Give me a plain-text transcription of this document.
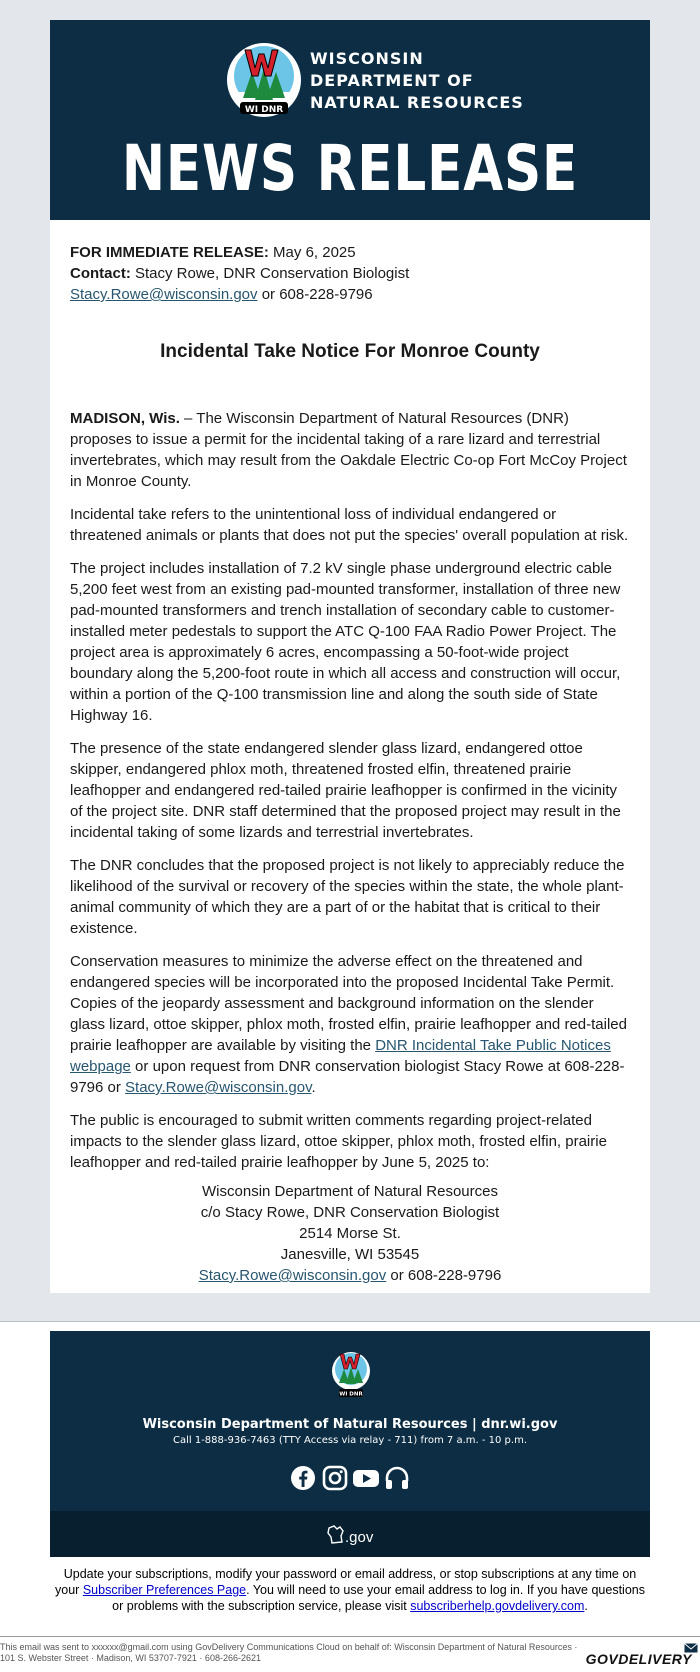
WI DNR
WISCONSIN
DEPARTMENT OF
NATURAL RESOURCES
NEWS RELEASE

FOR IMMEDIATE RELEASE: May 6, 2025

Contact: Stacy Rowe, DNR Conservation Biologist

Stacy.Rowe@wisconsin.gov or 608-228-9796

Incidental Take Notice For Monroe County

MADISON, Wis. – The Wisconsin Department of Natural Resources (DNR) proposes to issue a permit for the incidental taking of a rare lizard and terrestrial invertebrates, which may result from the Oakdale Electric Co-op Fort McCoy Project in Monroe County.

Incidental take refers to the unintentional loss of individual endangered or threatened animals or plants that does not put the species' overall population at risk.

The project includes installation of 7.2 kV single phase underground electric cable 5,200 feet west from an existing pad-mounted transformer, installation of three new pad-mounted transformers and trench installation of secondary cable to customer-installed meter pedestals to support the ATC Q-100 FAA Radio Power Project. The project area is approximately 6 acres, encompassing a 50-foot-wide project boundary along the 5,200-foot route in which all access and construction will occur, within a portion of the Q-100 transmission line and along the south side of State Highway 16.

The presence of the state endangered slender glass lizard, endangered ottoe skipper, endangered phlox moth, threatened frosted elfin, threatened prairie leafhopper and endangered red-tailed prairie leafhopper is confirmed in the vicinity of the project site. DNR staff determined that the proposed project may result in the incidental taking of some lizards and terrestrial invertebrates.

The DNR concludes that the proposed project is not likely to appreciably reduce the likelihood of the survival or recovery of the species within the state, the whole plant-animal community of which they are a part of or the habitat that is critical to their existence.

Conservation measures to minimize the adverse effect on the threatened and endangered species will be incorporated into the proposed Incidental Take Permit. Copies of the jeopardy assessment and background information on the slender glass lizard, ottoe skipper, phlox moth, frosted elfin, prairie leafhopper and red-tailed prairie leafhopper are available by visiting the DNR Incidental Take Public Notices webpage or upon request from DNR conservation biologist Stacy Rowe at 608-228-9796 or Stacy.Rowe@wisconsin.gov.

The public is encouraged to submit written comments regarding project-related impacts to the slender glass lizard, ottoe skipper, phlox moth, frosted elfin, prairie leafhopper and red-tailed prairie leafhopper by June 5, 2025 to:

Wisconsin Department of Natural Resources
c/o Stacy Rowe, DNR Conservation Biologist
2514 Morse St.
Janesville, WI 53545
Stacy.Rowe@wisconsin.gov or 608-228-9796
WI DNR
Wisconsin Department of Natural Resources | dnr.wi.gov
Call 1-888-936-7463 (TTY Access via relay - 711) from 7 a.m. - 10 p.m.
.gov
Update your subscriptions, modify your password or email address, or stop subscriptions at any time on your Subscriber Preferences Page. You will need to use your email address to log in. If you have questions or problems with the subscription service, please visit subscriberhelp.govdelivery.com.
This email was sent to xxxxxx@gmail.com using GovDelivery Communications Cloud on behalf of: Wisconsin Department of Natural Resources · 101 S. Webster Street · Madison, WI 53707-7921 · 608-266-2621	GOVDELIVERY
